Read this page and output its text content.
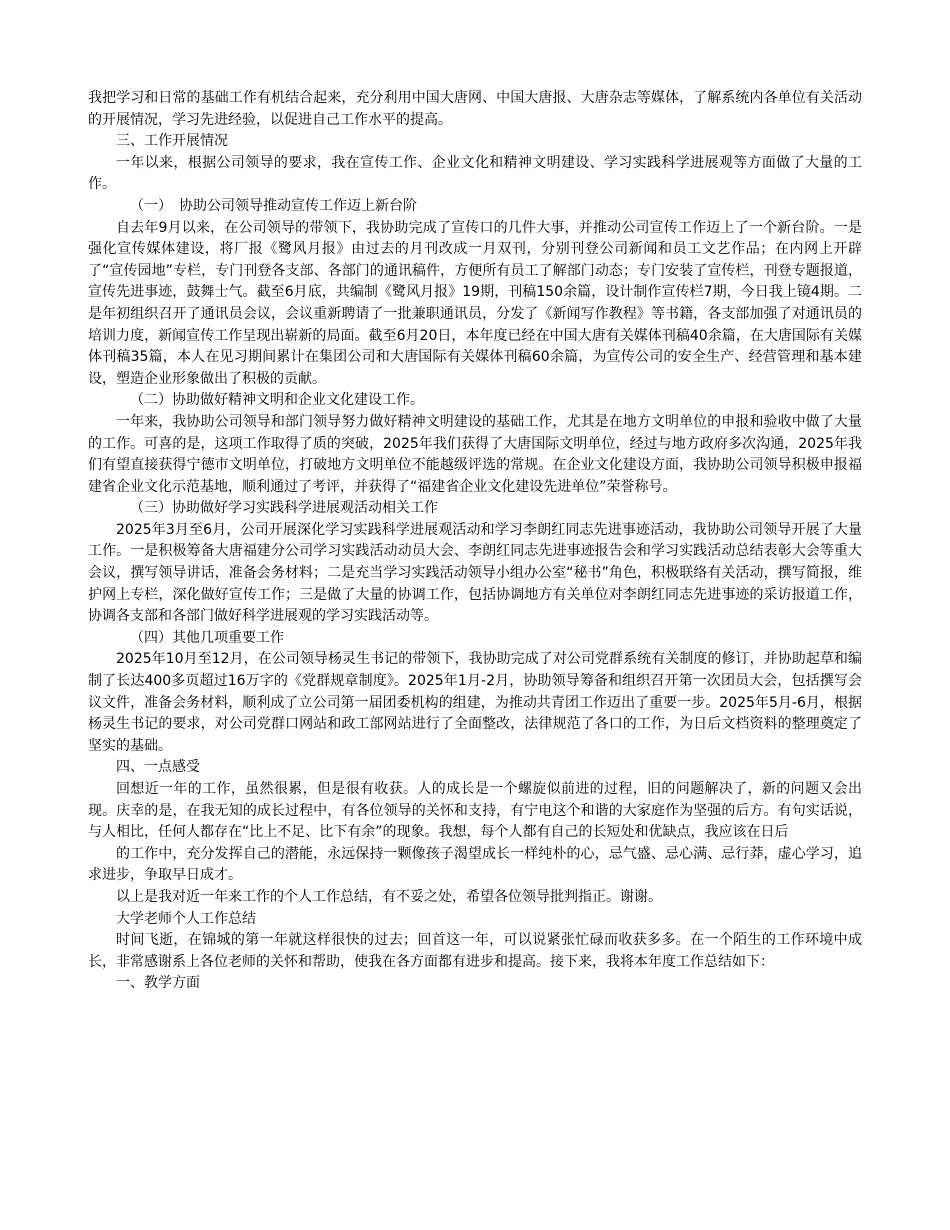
我把学习和日常的基础工作有机结合起来，充分利用中国大唐网、中国大唐报、大唐杂志等媒体，了解系统内各单位有关活动的开展情况，学习先进经验，以促进自己工作水平的提高。

三、工作开展情况

一年以来，根据公司领导的要求，我在宣传工作、企业文化和精神文明建设、学习实践科学进展观等方面做了大量的工作。

（一）　协助公司领导推动宣传工作迈上新台阶

自去年9月以来，在公司领导的带领下，我协助完成了宣传口的几件大事，并推动公司宣传工作迈上了一个新台阶。一是强化宣传媒体建设，将厂报《鹭风月报》由过去的月刊改成一月双刊，分别刊登公司新闻和员工文艺作品；在内网上开辟了“宣传园地”专栏，专门刊登各支部、各部门的通讯稿件，方便所有员工了解部门动态；专门安装了宣传栏，刊登专题报道，宣传先进事迹，鼓舞士气。截至6月底，共编制《鹭风月报》19期，刊稿150余篇，设计制作宣传栏7期，今日我上镜4期。二是年初组织召开了通讯员会议，会议重新聘请了一批兼职通讯员，分发了《新闻写作教程》等书籍，各支部加强了对通讯员的培训力度，新闻宣传工作呈现出崭新的局面。截至6月20日，本年度已经在中国大唐有关媒体刊稿40余篇，在大唐国际有关媒体刊稿35篇，本人在见习期间累计在集团公司和大唐国际有关媒体刊稿60余篇，为宣传公司的安全生产、经营管理和基本建设，塑造企业形象做出了积极的贡献。

（二）协助做好精神文明和企业文化建设工作。

一年来，我协助公司领导和部门领导努力做好精神文明建设的基础工作，尤其是在地方文明单位的申报和验收中做了大量的工作。可喜的是，这项工作取得了质的突破，2025年我们获得了大唐国际文明单位，经过与地方政府多次沟通，2025年我们有望直接获得宁德市文明单位，打破地方文明单位不能越级评选的常规。在企业文化建设方面，我协助公司领导积极申报福建省企业文化示范基地，顺利通过了考评，并获得了“福建省企业文化建设先进单位”荣誉称号。

（三）协助做好学习实践科学进展观活动相关工作

2025年3月至6月，公司开展深化学习实践科学进展观活动和学习李朗红同志先进事迹活动，我协助公司领导开展了大量工作。一是积极筹备大唐福建分公司学习实践活动动员大会、李朗红同志先进事迹报告会和学习实践活动总结表彰大会等重大会议，撰写领导讲话，准备会务材料；二是充当学习实践活动领导小组办公室“秘书”角色，积极联络有关活动，撰写简报，维护网上专栏，深化做好宣传工作；三是做了大量的协调工作，包括协调地方有关单位对李朗红同志先进事迹的采访报道工作，协调各支部和各部门做好科学进展观的学习实践活动等。

（四）其他几项重要工作

2025年10月至12月，在公司领导杨灵生书记的带领下，我协助完成了对公司党群系统有关制度的修订，并协助起草和编制了长达400多页超过16万字的《党群规章制度》。2025年1月-2月，协助领导筹备和组织召开第一次团员大会，包括撰写会议文件，准备会务材料，顺利成了立公司第一届团委机构的组建，为推动共青团工作迈出了重要一步。2025年5月-6月，根据杨灵生书记的要求，对公司党群口网站和政工部网站进行了全面整改，法律规范了各口的工作，为日后文档资料的整理奠定了坚实的基础。

四、一点感受

回想近一年的工作，虽然很累，但是很有收获。人的成长是一个螺旋似前进的过程，旧的问题解决了，新的问题又会出现。庆幸的是，在我无知的成长过程中，有各位领导的关怀和支持，有宁电这个和谐的大家庭作为坚强的后方。有句实话说，与人相比，任何人都存在“比上不足、比下有余”的现象。我想，每个人都有自己的长短处和优缺点，我应该在日后

的工作中，充分发挥自己的潜能，永远保持一颗像孩子渴望成长一样纯朴的心，忌气盛、忌心满、忌行莽，虚心学习，追求进步，争取早日成才。

以上是我对近一年来工作的个人工作总结，有不妥之处，希望各位领导批判指正。谢谢。

大学老师个人工作总结

时间飞逝，在锦城的第一年就这样很快的过去；回首这一年，可以说紧张忙碌而收获多多。在一个陌生的工作环境中成长，非常感谢系上各位老师的关怀和帮助，使我在各方面都有进步和提高。接下来，我将本年度工作总结如下：

一、教学方面
